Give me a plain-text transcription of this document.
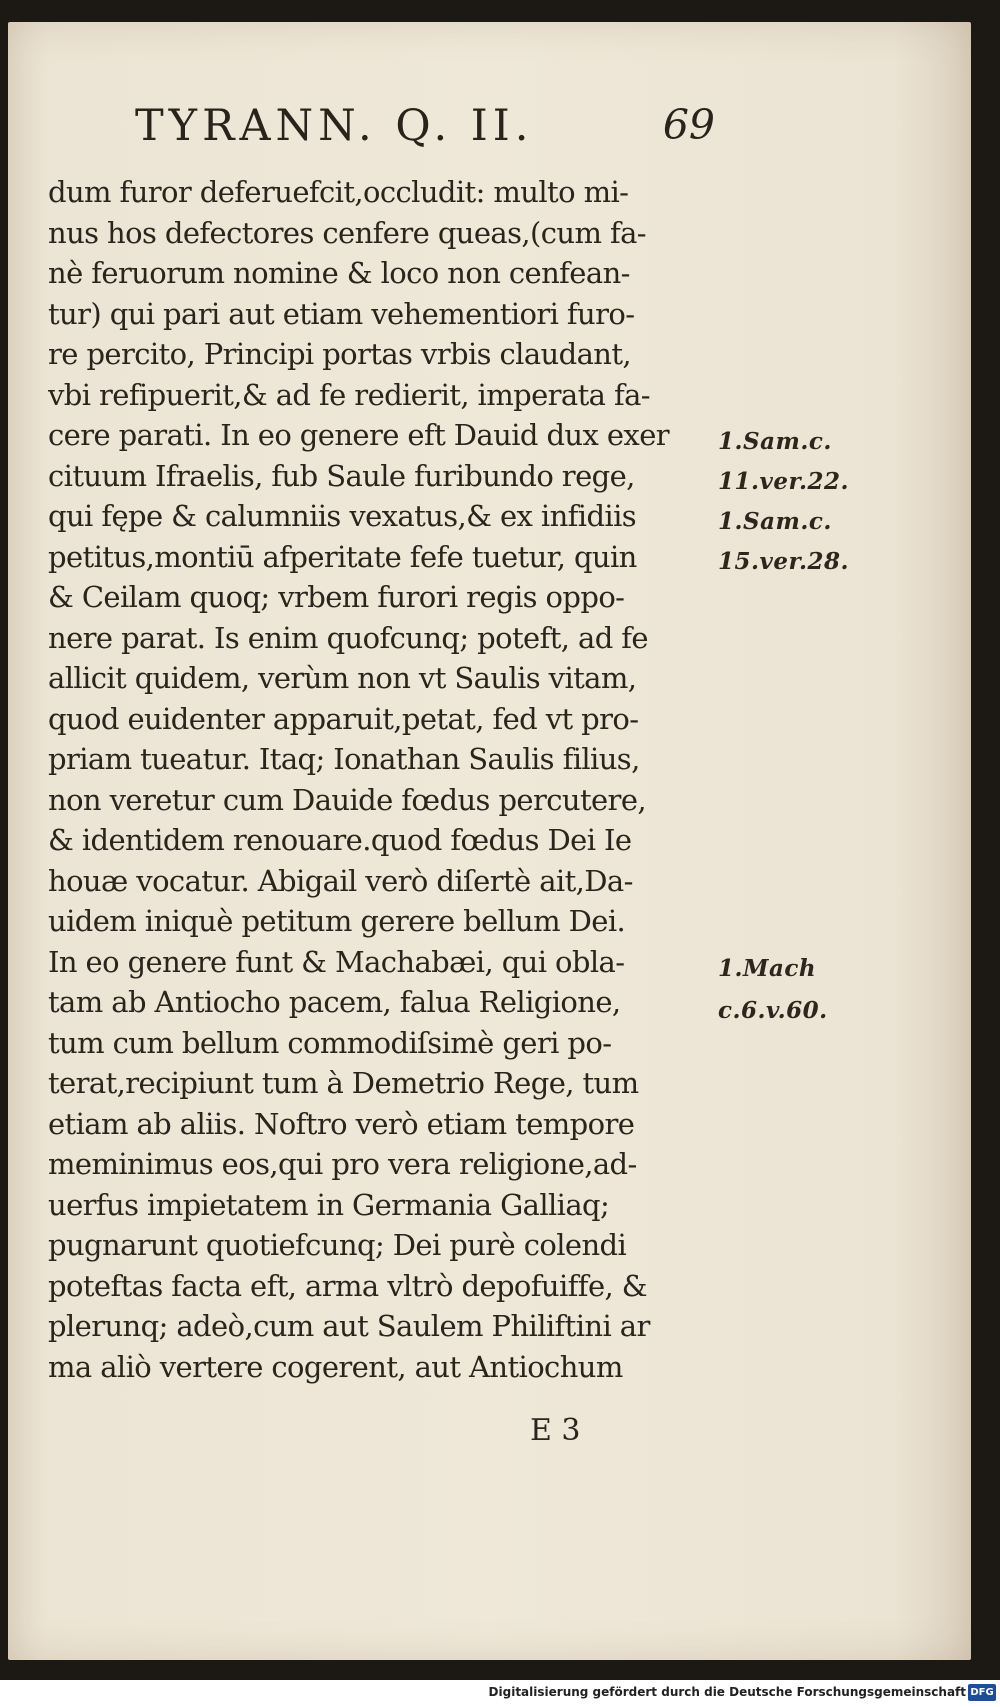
TYRANN. Q. II.	69
dum furor deferuefcit,occludit: multo mi-
nus hos defectores cenfere queas,(cum fa-
nè feruorum nomine & loco non cenfean-
tur) qui pari aut etiam vehementiori furo-
re percito, Principi portas vrbis claudant,
vbi refipuerit,& ad fe redierit, imperata fa-
cere parati. In eo genere eft Dauid dux exer
cituum Ifraelis, fub Saule furibundo rege,
qui fępe & calumniis vexatus,& ex infidiis
petitus,montiū afperitate fefe tuetur, quin
& Ceilam quoq; vrbem furori regis oppo-
nere parat. Is enim quofcunq; poteft, ad fe
allicit quidem, verùm non vt Saulis vitam,
quod euidenter apparuit,petat, fed vt pro-
priam tueatur. Itaq; Ionathan Saulis filius,
non veretur cum Dauide fœdus percutere,
& identidem renouare.quod fœdus Dei Ie
houæ vocatur. Abigail verò diſertè ait,Da-
uidem iniquè petitum gerere bellum Dei.
In eo genere funt & Machabæi, qui obla-
tam ab Antiocho pacem, falua Religione,
tum cum bellum commodiſsimè geri po-
terat,recipiunt tum à Demetrio Rege, tum
etiam ab aliis. Noftro verò etiam tempore
meminimus eos,qui pro vera religione,ad-
uerfus impietatem in Germania Galliaq;
pugnarunt quotiefcunq; Dei purè colendi
poteftas facta eft, arma vltrò depofuiffe, &
plerunq; adeò,cum aut Saulem Philiftini ar
ma aliò vertere cogerent, aut Antiochum
1.Sam.c.
11.ver.22.
1.Sam.c.
15.ver.28.
1.Mach
c.6.v.60.
E 3
Digitalisierung gefördert durch die Deutsche Forschungsgemeinschaft DFG
